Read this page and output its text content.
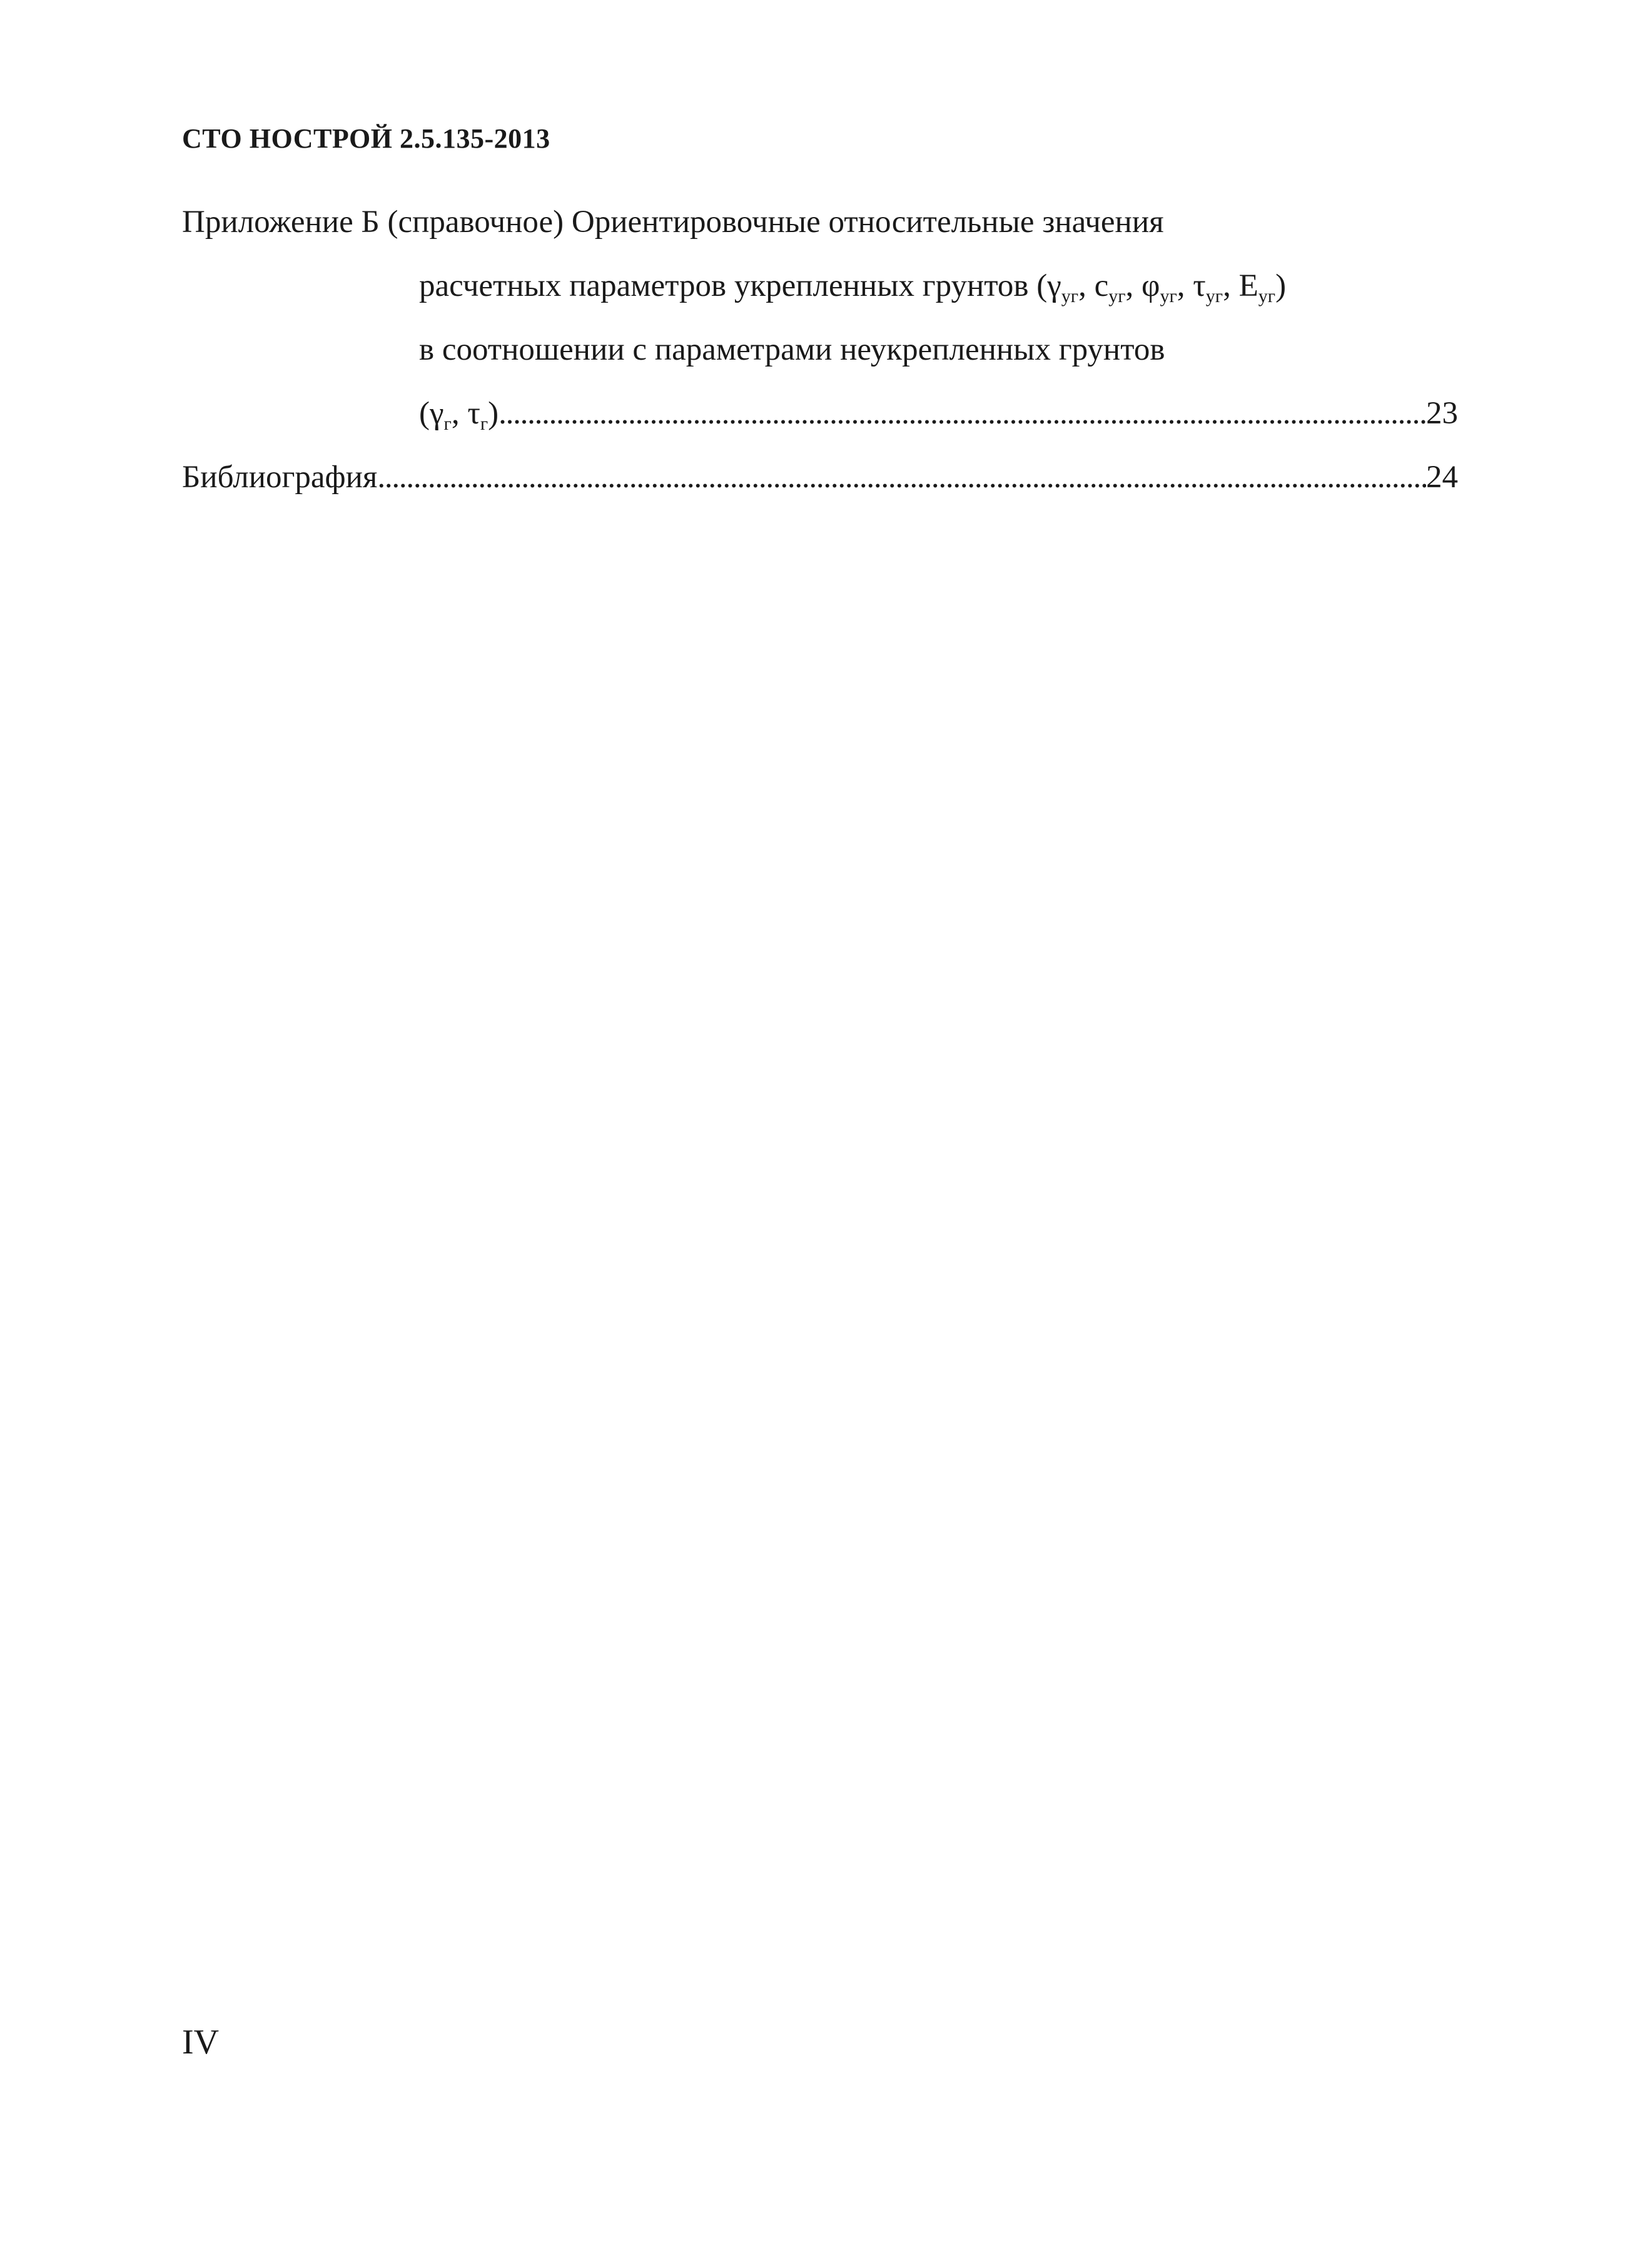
СТО НОСТРОЙ 2.5.135-2013
Приложение Б (справочное) Ориентировочные относительные значения
расчетных параметров укрепленных грунтов ($\gamma_{уг}$, $с_{уг}$, $\varphi_{уг}$, $\tau_{уг}$, $Е_{уг}$)
в соотношении с параметрами неукрепленных грунтов
($\gamma_г$, $\tau_г$) . . .	23
Библиография . . .	24
IV
